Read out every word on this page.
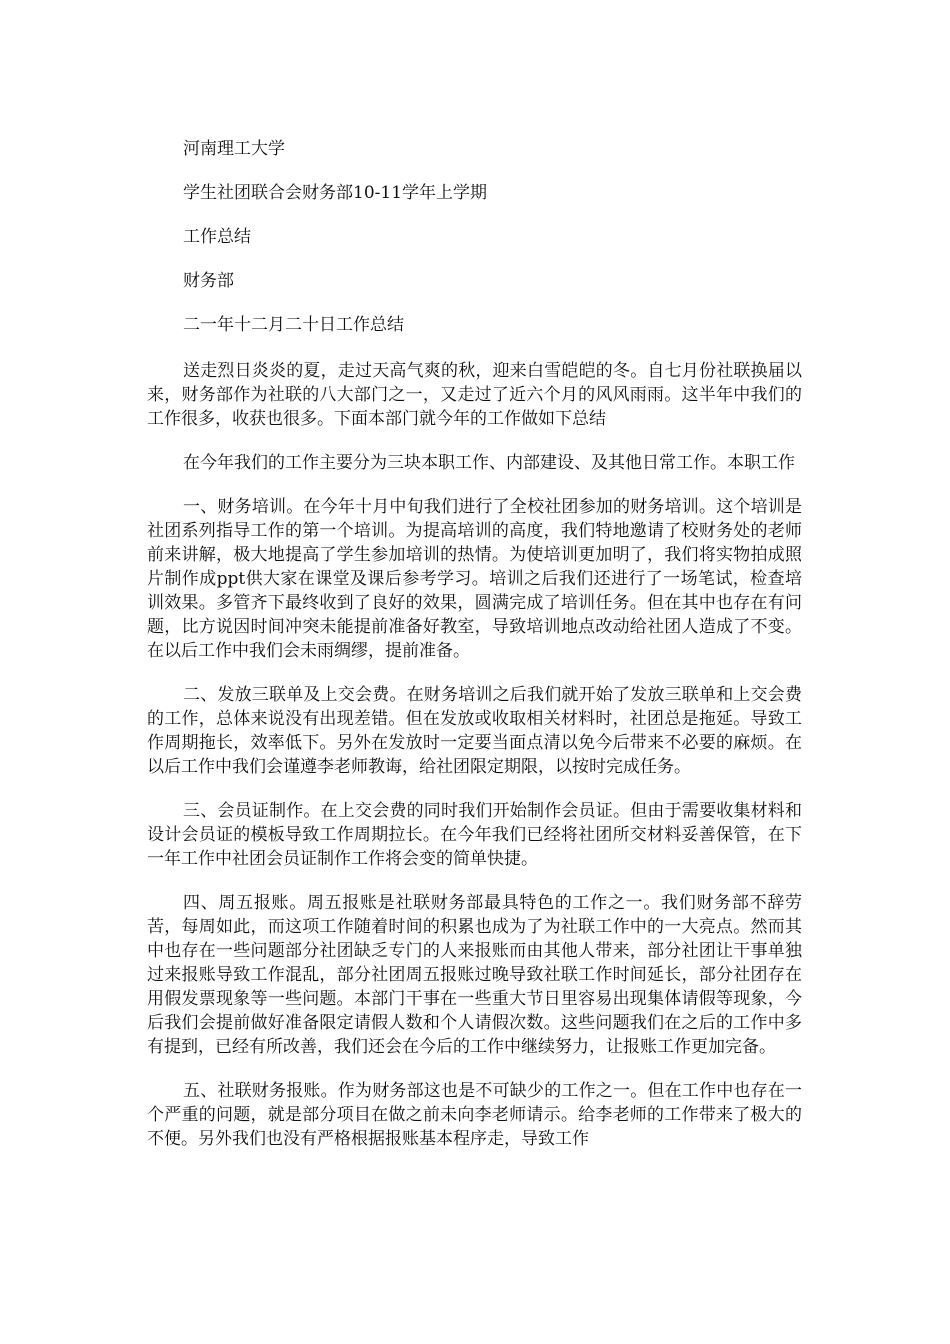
河南理工大学
学生社团联合会财务部10-11学年上学期
工作总结
财务部
二一年十二月二十日工作总结

送走烈日炎炎的夏，走过天高气爽的秋，迎来白雪皑皑的冬。自七月份社联换届以来，财务部作为社联的八大部门之一，又走过了近六个月的风风雨雨。这半年中我们的工作很多，收获也很多。下面本部门就今年的工作做如下总结

在今年我们的工作主要分为三块本职工作、内部建设、及其他日常工作。本职工作

一、财务培训。在今年十月中旬我们进行了全校社团参加的财务培训。这个培训是社团系列指导工作的第一个培训。为提高培训的高度，我们特地邀请了校财务处的老师前来讲解，极大地提高了学生参加培训的热情。为使培训更加明了，我们将实物拍成照片制作成ppt供大家在课堂及课后参考学习。培训之后我们还进行了一场笔试，检查培训效果。多管齐下最终收到了良好的效果，圆满完成了培训任务。但在其中也存在有问题，比方说因时间冲突未能提前准备好教室，导致培训地点改动给社团人造成了不变。在以后工作中我们会未雨绸缪，提前准备。

二、发放三联单及上交会费。在财务培训之后我们就开始了发放三联单和上交会费的工作，总体来说没有出现差错。但在发放或收取相关材料时，社团总是拖延。导致工作周期拖长，效率低下。另外在发放时一定要当面点清以免今后带来不必要的麻烦。在以后工作中我们会谨遵李老师教诲，给社团限定期限，以按时完成任务。

三、会员证制作。在上交会费的同时我们开始制作会员证。但由于需要收集材料和设计会员证的模板导致工作周期拉长。在今年我们已经将社团所交材料妥善保管，在下一年工作中社团会员证制作工作将会变的简单快捷。

四、周五报账。周五报账是社联财务部最具特色的工作之一。我们财务部不辞劳苦，每周如此，而这项工作随着时间的积累也成为了为社联工作中的一大亮点。然而其中也存在一些问题部分社团缺乏专门的人来报账而由其他人带来，部分社团让干事单独过来报账导致工作混乱，部分社团周五报账过晚导致社联工作时间延长，部分社团存在用假发票现象等一些问题。本部门干事在一些重大节日里容易出现集体请假等现象，今后我们会提前做好准备限定请假人数和个人请假次数。这些问题我们在之后的工作中多有提到，已经有所改善，我们还会在今后的工作中继续努力，让报账工作更加完备。

五、社联财务报账。作为财务部这也是不可缺少的工作之一。但在工作中也存在一个严重的问题，就是部分项目在做之前未向李老师请示。给李老师的工作带来了极大的不便。另外我们也没有严格根据报账基本程序走，导致工作
